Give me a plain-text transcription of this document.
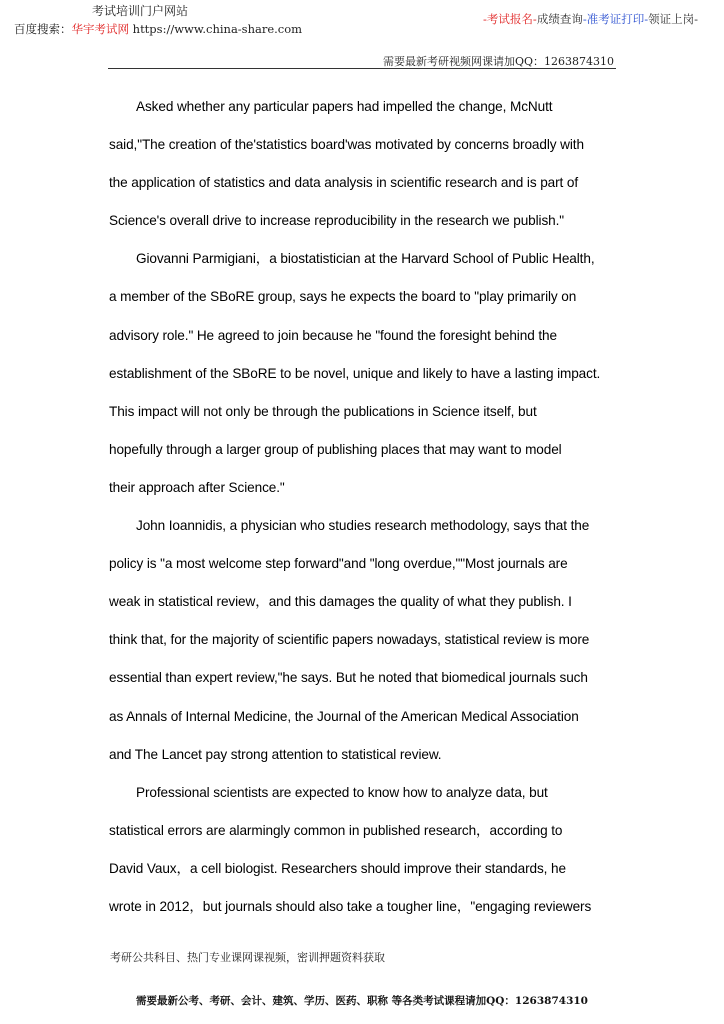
考试培训门户网站
百度搜索：华宇考试网 https://www.china-share.com
-考试报名-成绩查询-准考证打印-领证上岗-
需要最新考研视频网课请加QQ：1263874310
Asked whether any particular papers had impelled the change, McNutt
said,"The creation of the'statistics board'was motivated by concerns broadly with
the application of statistics and data analysis in scientific research and is part of
Science's overall drive to increase reproducibility in the research we publish."
Giovanni Parmigiani，a biostatistician at the Harvard School of Public Health,
a member of the SBoRE group, says he expects the board to "play primarily on
advisory role." He agreed to join because he "found the foresight behind the
establishment of the SBoRE to be novel, unique and likely to have a lasting impact.
This impact will not only be through the publications in Science itself, but
hopefully through a larger group of publishing places that may want to model
their approach after Science."
John Ioannidis, a physician who studies research methodology, says that the
policy is "a most welcome step forward"and "long overdue,""Most journals are
weak in statistical review，and this damages the quality of what they publish. I
think that, for the majority of scientific papers nowadays, statistical review is more
essential than expert review,"he says. But he noted that biomedical journals such
as Annals of Internal Medicine, the Journal of the American Medical Association
and The Lancet pay strong attention to statistical review.
Professional scientists are expected to know how to analyze data, but
statistical errors are alarmingly common in published research，according to
David Vaux，a cell biologist. Researchers should improve their standards, he
wrote in 2012，but journals should also take a tougher line，"engaging reviewers
考研公共科目、热门专业课网课视频，密训押题资料获取
需要最新公考、考研、会计、建筑、学历、医药、职称 等各类考试课程请加QQ：1263874310
